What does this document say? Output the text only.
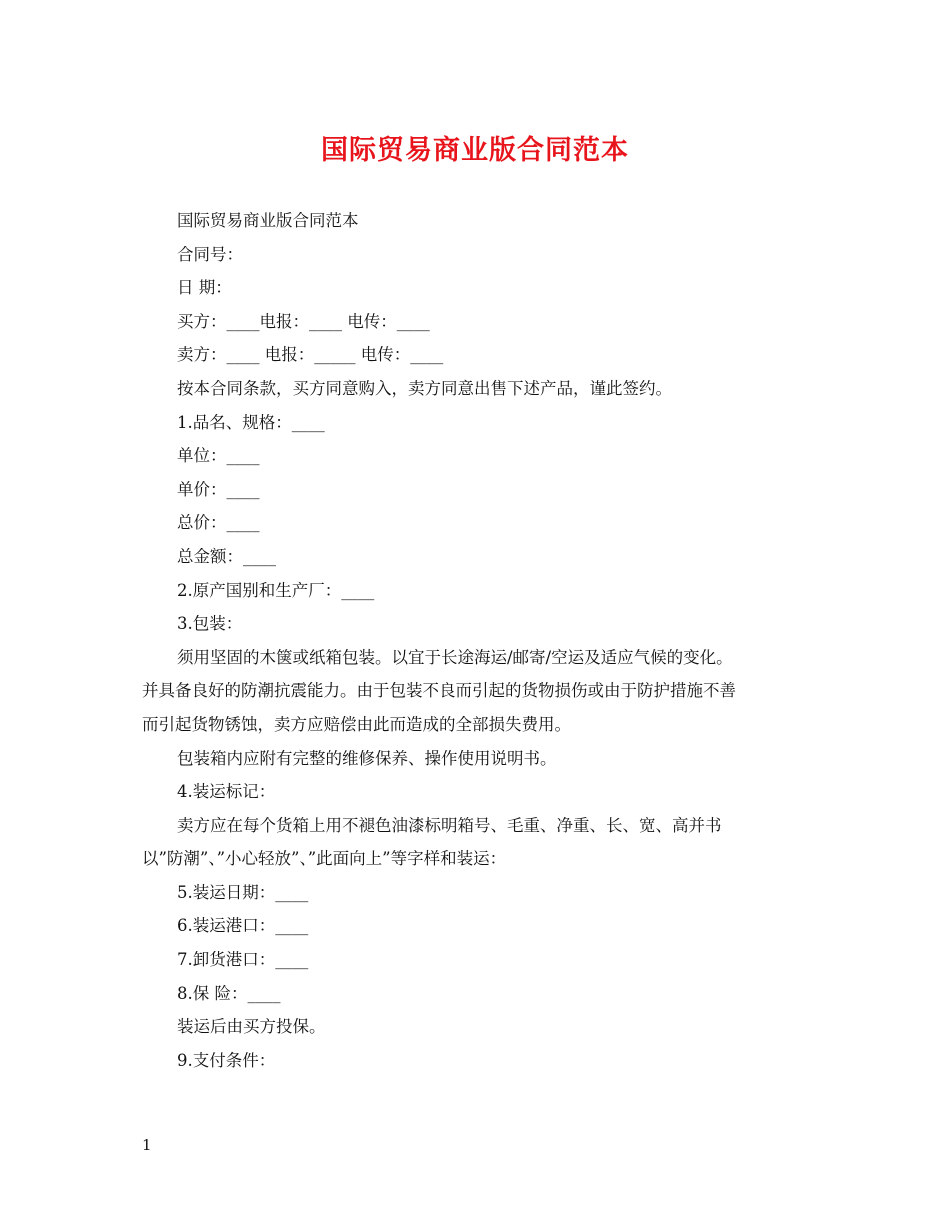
国际贸易商业版合同范本
国际贸易商业版合同范本
合同号：
日 期：
买方：____电报：____ 电传：____
卖方：____ 电报：_____ 电传：____
按本合同条款，买方同意购入，卖方同意出售下述产品，谨此签约。
1.品名、规格：____
单位：____
单价：____
总价：____
总金额：____
2.原产国别和生产厂：____
3.包装：
须用坚固的木箧或纸箱包装。以宜于长途海运/邮寄/空运及适应气候的变化。
并具备良好的防潮抗震能力。由于包装不良而引起的货物损伤或由于防护措施不善
而引起货物锈蚀，卖方应赔偿由此而造成的全部损失费用。
包装箱内应附有完整的维修保养、操作使用说明书。
4.装运标记：
卖方应在每个货箱上用不褪色油漆标明箱号、毛重、净重、长、宽、高并书
以”防潮”、”小心轻放”、”此面向上”等字样和装运：
5.装运日期：____
6.装运港口：____
7.卸货港口：____
8.保 险：____
装运后由买方投保。
9.支付条件：
1
